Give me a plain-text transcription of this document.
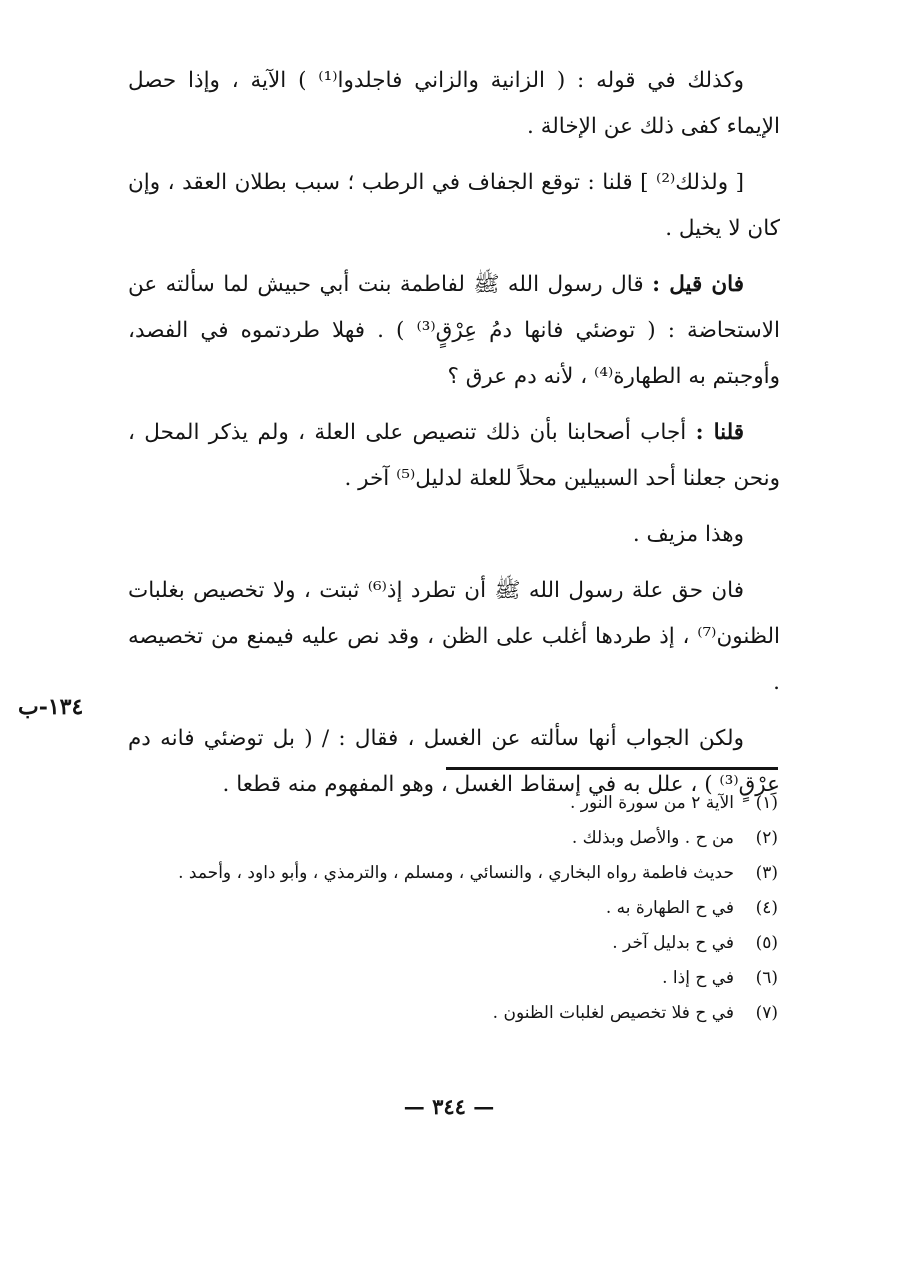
وكذلك في قوله : ( الزانية والزاني فاجلدوا⁽¹⁾ ) الآية ، وإذا حصل الإيماء كفى ذلك عن الإخالة .

[ ولذلك⁽²⁾ ] قلنا : توقع الجفاف في الرطب ؛ سبب بطلان العقد ، وإن كان لا يخيل .

فان قيل : قال رسول الله ﷺ لفاطمة بنت أبي حبيش لما سألته عن الاستحاضة : ( توضئي فانها دمُ عِرْقٍ⁽³⁾ ) . فهلا طردتموه في الفصد، وأوجبتم به الطهارة⁽⁴⁾ ، لأنه دم عرق ؟

قلنا : أجاب أصحابنا بأن ذلك تنصيص على العلة ، ولم يذكر المحل ، ونحن جعلنا أحد السبيلين محلاً للعلة لدليل⁽⁵⁾ آخر .

وهذا مزيف .

فان حق علة رسول الله ﷺ أن تطرد إذ⁽⁶⁾ ثبتت ، ولا تخصيص بغلبات الظنون⁽⁷⁾ ، إذ طردها أغلب على الظن ، وقد نص عليه فيمنع من تخصيصه .

ولكن الجواب أنها سألته عن الغسل ، فقال : / ( بل توضئي فانه دم عِرْقٍ⁽³⁾ ) ، علل به في إسقاط الغسل ، وهو المفهوم منه قطعا .

١٣٤-ب

(١)الآية ٢ من سورة النور .

(٢)من ح . والأصل وبذلك .

(٣)حديث فاطمة رواه البخاري ، والنسائي ، ومسلم ، والترمذي ، وأبو داود ، وأحمد .

(٤)في ح الطهارة به .

(٥)في ح بدليل آخر .

(٦)في ح إذا .

(٧)في ح فلا تخصيص لغلبات الظنون .

— ٣٤٤ —
